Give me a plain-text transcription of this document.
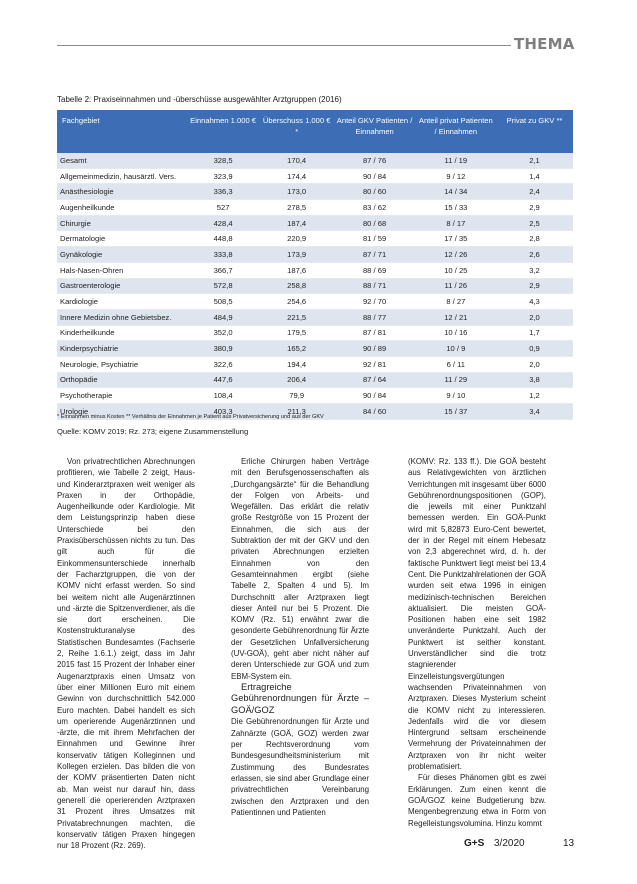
THEMA
Tabelle 2: Praxiseinnahmen und -überschüsse ausgewählter Arztgruppen (2016)
Fachgebiet	Einnahmen 1.000 €	Überschuss 1.000 € *	Anteil GKV Patienten / Einnahmen	Anteil privat Patienten / Einnahmen	Privat zu GKV **
Gesamt	328,5	170,4	87 / 76	11 / 19	2,1
Allgemeinmedizin, hausärztl. Vers.	323,9	174,4	90 / 84	9 / 12	1,4
Anästhesiologie	336,3	173,0	80 / 60	14 / 34	2,4
Augenheilkunde	527	278,5	83 / 62	15 / 33	2,9
Chirurgie	428,4	187,4	80 / 68	8 / 17	2,5
Dermatologie	448,8	220,9	81 / 59	17 / 35	2,8
Gynäkologie	333,8	173,9	87 / 71	12 / 26	2,6
Hals-Nasen-Ohren	366,7	187,6	88 / 69	10 / 25	3,2
Gastroenterologie	572,8	258,8	88 / 71	11 / 26	2,9
Kardiologie	508,5	254,6	92 / 70	8 / 27	4,3
Innere Medizin ohne Gebietsbez.	484,9	221,5	88 / 77	12 / 21	2,0
Kinderheilkunde	352,0	179,5	87 / 81	10 / 16	1,7
Kinderpsychiatrie	380,9	165,2	90 / 89	10 / 9	0,9
Neurologie, Psychiatrie	322,6	194,4	92 / 81	6 / 11	2,0
Orthopädie	447,6	206,4	87 / 64	11 / 29	3,8
Psychotherapie	108,4	79,9	90 / 84	9 / 10	1,2
Urologie	403,3	211,3	84 / 60	15 / 37	3,4
* Einnahmen minus Kosten ** Verhältnis der Einnahmen je Patient aus Privatversicherung und aus der GKV
Quelle: KOMV 2019: Rz. 273; eigene Zusammenstellung

Von privatrechtlichen Abrechnungen profitieren, wie Tabelle 2 zeigt, Haus- und Kinderarztpraxen weit weniger als Praxen in der Orthopädie, Augenheilkunde oder Kardiologie. Mit dem Leistungsprinzip haben diese Unterschiede bei den Praxisüberschüssen nichts zu tun. Das gilt auch für die Einkommensunterschiede innerhalb der Facharztgruppen, die von der KOMV nicht erfasst werden. So sind bei weitem nicht alle Augenärztinnen und -ärzte die Spitzenverdiener, als die sie dort erscheinen. Die Kostenstrukturanalyse des Statistischen Bundesamtes (Fachserie 2, Reihe 1.6.1.) zeigt, dass im Jahr 2015 fast 15 Prozent der Inhaber einer Augenarztpraxis einen Umsatz von über einer Millionen Euro mit einem Gewinn von durchschnittlich 542.000 Euro machten. Dabei handelt es sich um operierende Augenärztinnen und -ärzte, die mit ihrem Mehrfachen der Einnahmen und Gewinne ihrer konservativ tätigen Kolleginnen und Kollegen erzielen. Das bilden die von der KOMV präsentierten Daten nicht ab. Man weist nur darauf hin, dass generell die operierenden Arztpraxen 31 Prozent ihres Umsatzes mit Privatabrechnungen machten, die konservativ tätigen Praxen hingegen nur 18 Prozent (Rz. 269).

Erliche Chirurgen haben Verträge mit den Berufsgenossenschaften als „Durchgangsärzte“ für die Behandlung der Folgen von Arbeits- und Wegefällen. Das erklärt die relativ große Restgröße von 15 Prozent der Einnahmen, die sich aus der Subtraktion der mit der GKV und den privaten Abrechnungen erzielten Einnahmen von den Gesamteinnahmen ergibt (siehe Tabelle 2, Spalten 4 und 5). Im Durchschnitt aller Arztpraxen liegt dieser Anteil nur bei 5 Prozent. Die KOMV (Rz. 51) erwähnt zwar die gesonderte Gebührenordnung für Ärzte der Gesetzlichen Unfallversicherung (UV-GOÄ), geht aber nicht näher auf deren Unterschiede zur GOÄ und zum EBM-System ein.

Ertragreiche Gebührenordnungen für Ärzte – GOÄ/GOZ

Die Gebührenordnungen für Ärzte und Zahnärzte (GOÄ, GOZ) werden zwar per Rechtsverordnung vom Bundesgesundheitsministerium mit Zustimmung des Bundesrates erlassen, sie sind aber Grundlage einer privatrechtlichen Vereinbarung zwischen den Arztpraxen und den Patientinnen und Patienten

(KOMV: Rz. 133 ff.). Die GOÄ besteht aus Relativgewichten von ärztlichen Verrichtungen mit insgesamt über 6000 Gebührenordnungspositionen (GOP), die jeweils mit einer Punktzahl bemessen werden. Ein GOÄ-Punkt wird mit 5,82873 Euro-Cent bewertet, der in der Regel mit einem Hebesatz von 2,3 abgerechnet wird, d. h. der faktische Punktwert liegt meist bei 13,4 Cent. Die Punktzahlrelationen der GOÄ wurden seit etwa 1996 in einigen medizinisch-technischen Bereichen aktualisiert. Die meisten GOÄ-Positionen haben eine seit 1982 unveränderte Punktzahl. Auch der Punktwert ist seither konstant. Unverständlicher sind die trotz stagnierender Einzelleistungsvergütungen wachsenden Privateinnahmen von Arztpraxen. Dieses Mysterium scheint die KOMV nicht zu interessieren. Jedenfalls wird die vor diesem Hintergrund seltsam erscheinende Vermehrung der Privateinnahmen der Arztpraxen von ihr nicht weiter problematisiert.

Für dieses Phänomen gibt es zwei Erklärungen. Zum einen kennt die GOÄ/GOZ keine Budgetierung bzw. Mengenbegrenzung etwa in Form von Regelleistungsvolumina. Hinzu kommt

G+S 3/2020	13
